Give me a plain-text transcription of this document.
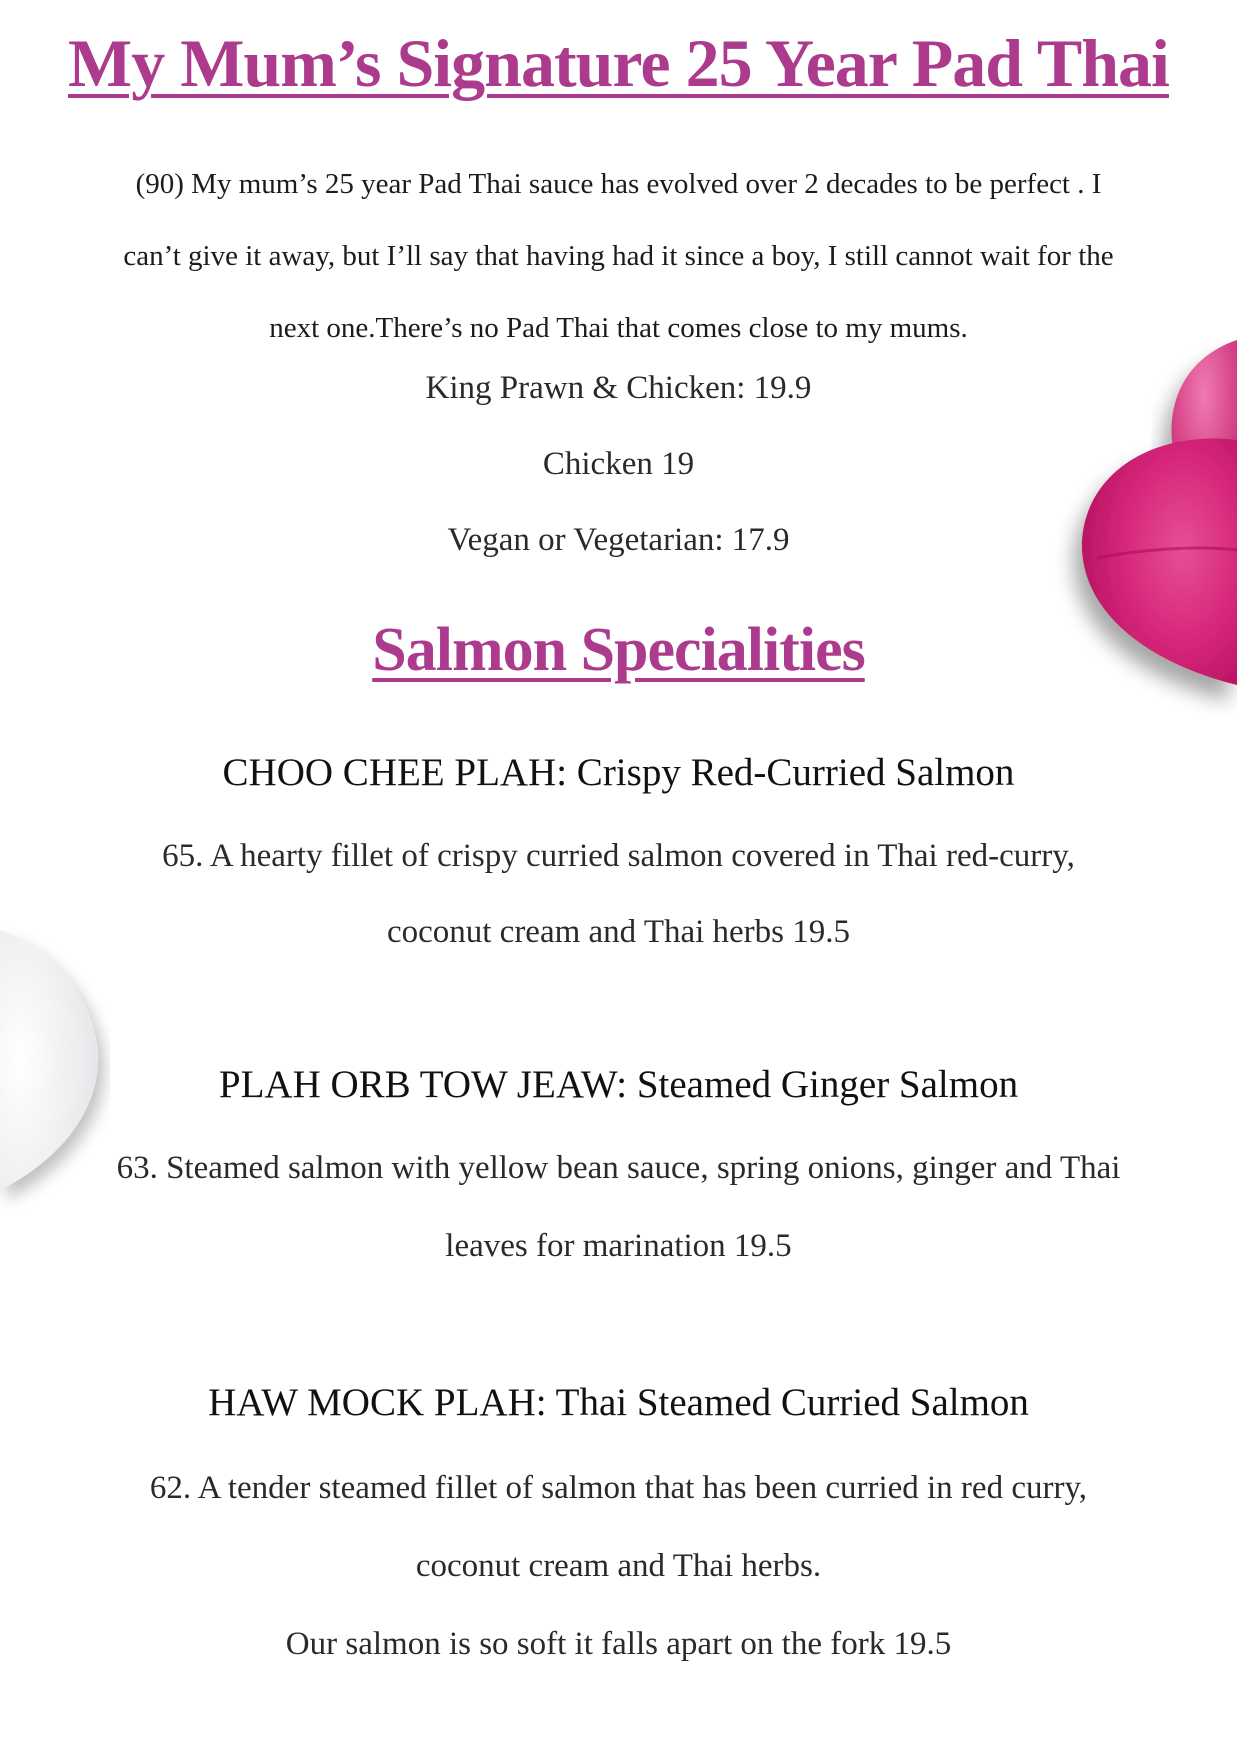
My Mum’s Signature 25 Year Pad Thai
(90) My mum’s 25 year Pad Thai sauce has evolved over 2 decades to be perfect . I
can’t give it away, but I’ll say that having had it since a boy, I still cannot wait for the
next one.There’s no Pad Thai that comes close to my mums.

King Prawn & Chicken: 19.9

Chicken 19

Vegan or Vegetarian: 17.9

Salmon Specialities

CHOO CHEE PLAH: Crispy Red-Curried Salmon

65. A hearty fillet of crispy curried salmon covered in Thai red-curry,

coconut cream and Thai herbs 19.5

PLAH ORB TOW JEAW: Steamed Ginger Salmon

63. Steamed salmon with yellow bean sauce, spring onions, ginger and Thai

leaves for marination 19.5

HAW MOCK PLAH: Thai Steamed Curried Salmon

62. A tender steamed fillet of salmon that has been curried in red curry,

coconut cream and Thai herbs.

Our salmon is so soft it falls apart on the fork 19.5
